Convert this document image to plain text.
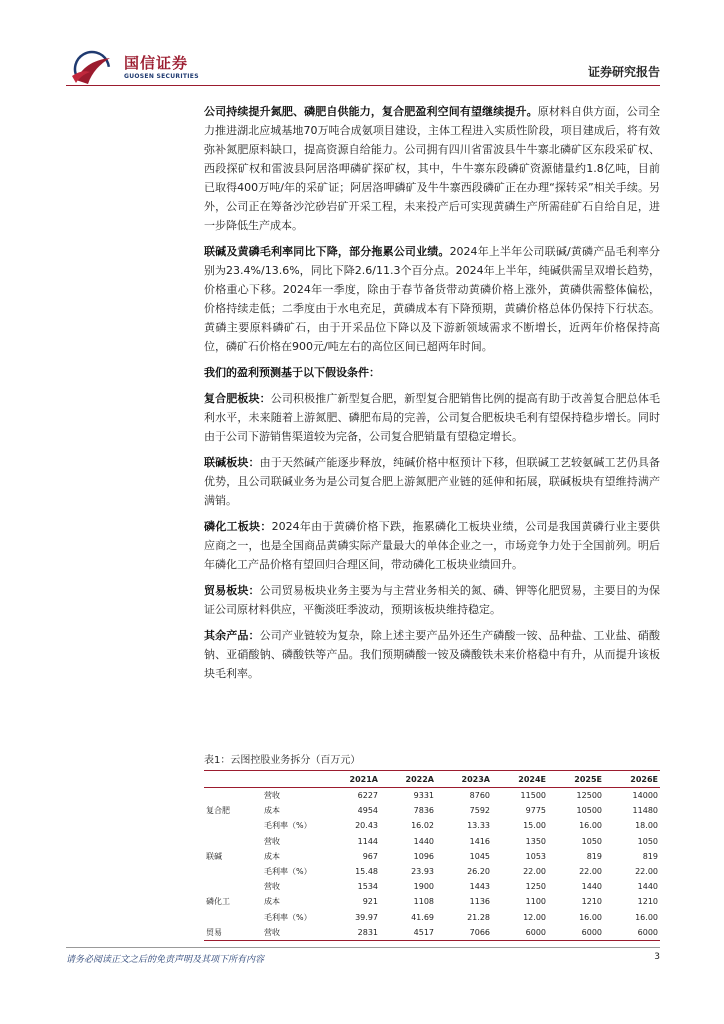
国信证券
GUOSEN SECURITIES	证券研究报告

公司持续提升氮肥、磷肥自供能力，复合肥盈利空间有望继续提升。原材料自供方面，公司全力推进湖北应城基地70万吨合成氨项目建设，主体工程进入实质性阶段，项目建成后，将有效弥补氮肥原料缺口，提高资源自给能力。公司拥有四川省雷波县牛牛寨北磷矿区东段采矿权、西段探矿权和雷波县阿居洛呷磷矿探矿权，其中，牛牛寨东段磷矿资源储量约1.8亿吨，目前已取得400万吨/年的采矿证；阿居洛呷磷矿及牛牛寨西段磷矿正在办理“探转采”相关手续。另外，公司正在筹备沙沱砂岩矿开采工程，未来投产后可实现黄磷生产所需硅矿石自给自足，进一步降低生产成本。

联碱及黄磷毛利率同比下降，部分拖累公司业绩。2024年上半年公司联碱/黄磷产品毛利率分别为23.4%/13.6%，同比下降2.6/11.3个百分点。2024年上半年，纯碱供需呈双增长趋势，价格重心下移。2024年一季度，除由于春节备货带动黄磷价格上涨外，黄磷供需整体偏松，价格持续走低；二季度由于水电充足，黄磷成本有下降预期，黄磷价格总体仍保持下行状态。黄磷主要原料磷矿石，由于开采品位下降以及下游新领域需求不断增长，近两年价格保持高位，磷矿石价格在900元/吨左右的高位区间已超两年时间。

我们的盈利预测基于以下假设条件：

复合肥板块：公司积极推广新型复合肥，新型复合肥销售比例的提高有助于改善复合肥总体毛利水平，未来随着上游氮肥、磷肥布局的完善，公司复合肥板块毛利有望保持稳步增长。同时由于公司下游销售渠道较为完备，公司复合肥销量有望稳定增长。

联碱板块：由于天然碱产能逐步释放，纯碱价格中枢预计下移，但联碱工艺较氨碱工艺仍具备优势，且公司联碱业务为是公司复合肥上游氮肥产业链的延伸和拓展，联碱板块有望维持满产满销。

磷化工板块：2024年由于黄磷价格下跌，拖累磷化工板块业绩，公司是我国黄磷行业主要供应商之一，也是全国商品黄磷实际产量最大的单体企业之一，市场竞争力处于全国前列。明后年磷化工产品价格有望回归合理区间，带动磷化工板块业绩回升。

贸易板块：公司贸易板块业务主要为与主营业务相关的氮、磷、钾等化肥贸易，主要目的为保证公司原材料供应，平衡淡旺季波动，预期该板块维持稳定。

其余产品：公司产业链较为复杂，除上述主要产品外还生产磷酸一铵、品种盐、工业盐、硝酸钠、亚硝酸钠、磷酸铁等产品。我们预期磷酸一铵及磷酸铁未来价格稳中有升，从而提升该板块毛利率。

表1：云图控股业务拆分（百万元）
		2021A	2022A	2023A	2024E	2025E	2026E
	营收	6227	9331	8760	11500	12500	14000
复合肥	成本	4954	7836	7592	9775	10500	11480
	毛利率（%）	20.43	16.02	13.33	15.00	16.00	18.00
	营收	1144	1440	1416	1350	1050	1050
联碱	成本	967	1096	1045	1053	819	819
	毛利率（%）	15.48	23.93	26.20	22.00	22.00	22.00
	营收	1534	1900	1443	1250	1440	1440
磷化工	成本	921	1108	1136	1100	1210	1210
	毛利率（%）	39.97	41.69	21.28	12.00	16.00	16.00
贸易	营收	2831	4517	7066	6000	6000	6000
请务必阅读正文之后的免责声明及其项下所有内容	3
